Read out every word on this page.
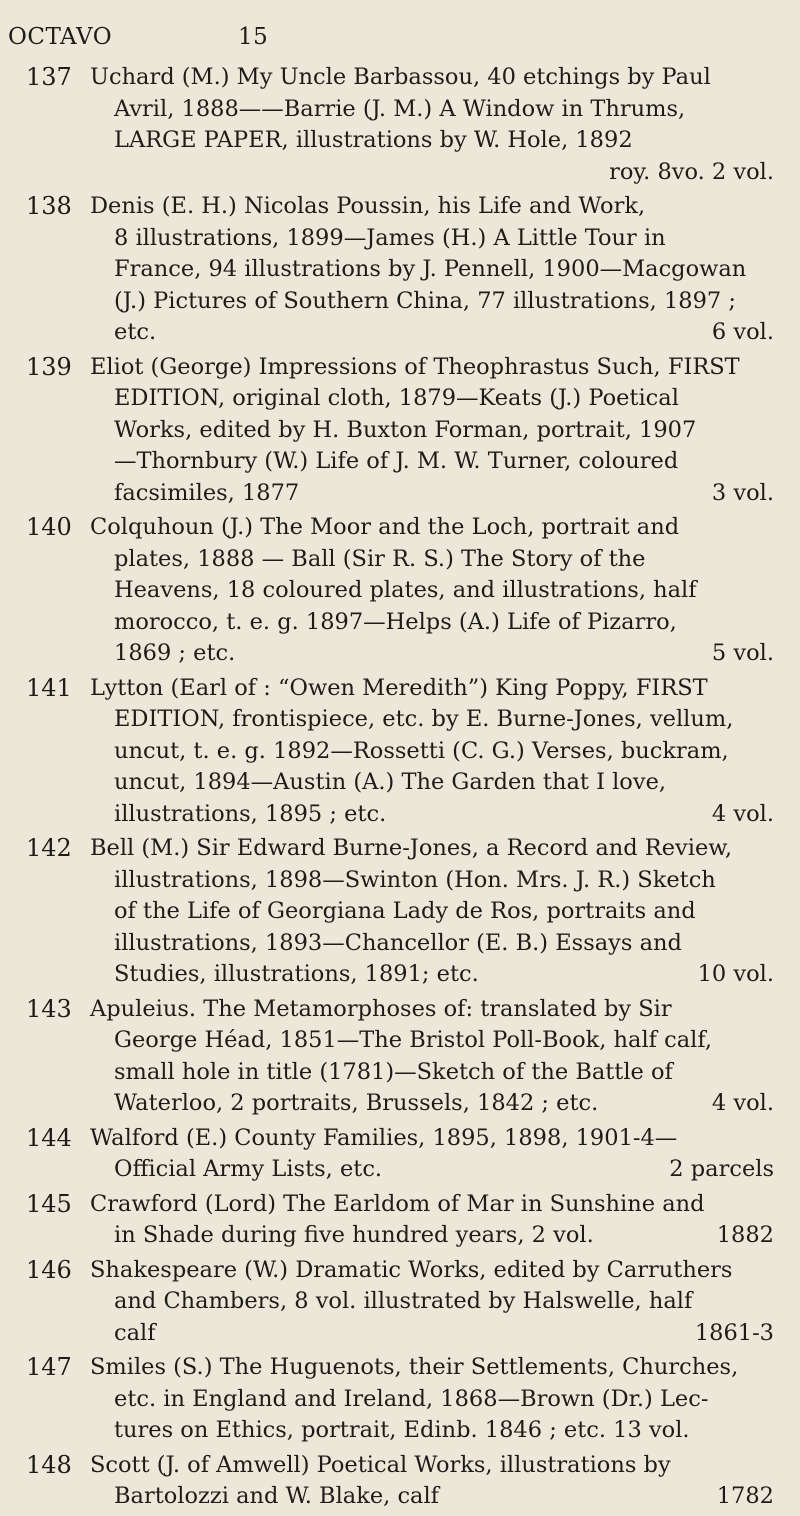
OCTAVO	15
137 Uchard (M.) My Uncle Barbassou, 40 etchings by Paul
Avril, 1888——Barrie (J. M.) A Window in Thrums,
LARGE PAPER, illustrations by W. Hole, 1892
roy. 8vo. 2 vol.
138 Denis (E. H.) Nicolas Poussin, his Life and Work,
8 illustrations, 1899—James (H.) A Little Tour in
France, 94 illustrations by J. Pennell, 1900—Macgowan
(J.) Pictures of Southern China, 77 illustrations, 1897 ;
etc.	6 vol.
139 Eliot (George) Impressions of Theophrastus Such, FIRST
EDITION, original cloth, 1879—Keats (J.) Poetical
Works, edited by H. Buxton Forman, portrait, 1907
—Thornbury (W.) Life of J. M. W. Turner, coloured
facsimiles, 1877	3 vol.
140 Colquhoun (J.) The Moor and the Loch, portrait and
plates, 1888 — Ball (Sir R. S.) The Story of the
Heavens, 18 coloured plates, and illustrations, half
morocco, t. e. g. 1897—Helps (A.) Life of Pizarro,
1869 ; etc.	5 vol.
141 Lytton (Earl of : “Owen Meredith”) King Poppy, FIRST
EDITION, frontispiece, etc. by E. Burne-Jones, vellum,
uncut, t. e. g. 1892—Rossetti (C. G.) Verses, buckram,
uncut, 1894—Austin (A.) The Garden that I love,
illustrations, 1895 ; etc.	4 vol.
142 Bell (M.) Sir Edward Burne-Jones, a Record and Review,
illustrations, 1898—Swinton (Hon. Mrs. J. R.) Sketch
of the Life of Georgiana Lady de Ros, portraits and
illustrations, 1893—Chancellor (E. B.) Essays and
Studies, illustrations, 1891; etc.	10 vol.
143 Apuleius. The Metamorphoses of: translated by Sir
George Héad, 1851—The Bristol Poll-Book, half calf,
small hole in title (1781)—Sketch of the Battle of
Waterloo, 2 portraits, Brussels, 1842 ; etc.	4 vol.
144 Walford (E.) County Families, 1895, 1898, 1901-4—
Official Army Lists, etc.	2 parcels
145 Crawford (Lord) The Earldom of Mar in Sunshine and
in Shade during five hundred years, 2 vol.	1882
146 Shakespeare (W.) Dramatic Works, edited by Carruthers
and Chambers, 8 vol. illustrated by Halswelle, half
calf	1861-3
147 Smiles (S.) The Huguenots, their Settlements, Churches,
etc. in England and Ireland, 1868—Brown (Dr.) Lec-
tures on Ethics, portrait, Edinb. 1846 ; etc. 13 vol.
148 Scott (J. of Amwell) Poetical Works, illustrations by
Bartolozzi and W. Blake, calf	1782
